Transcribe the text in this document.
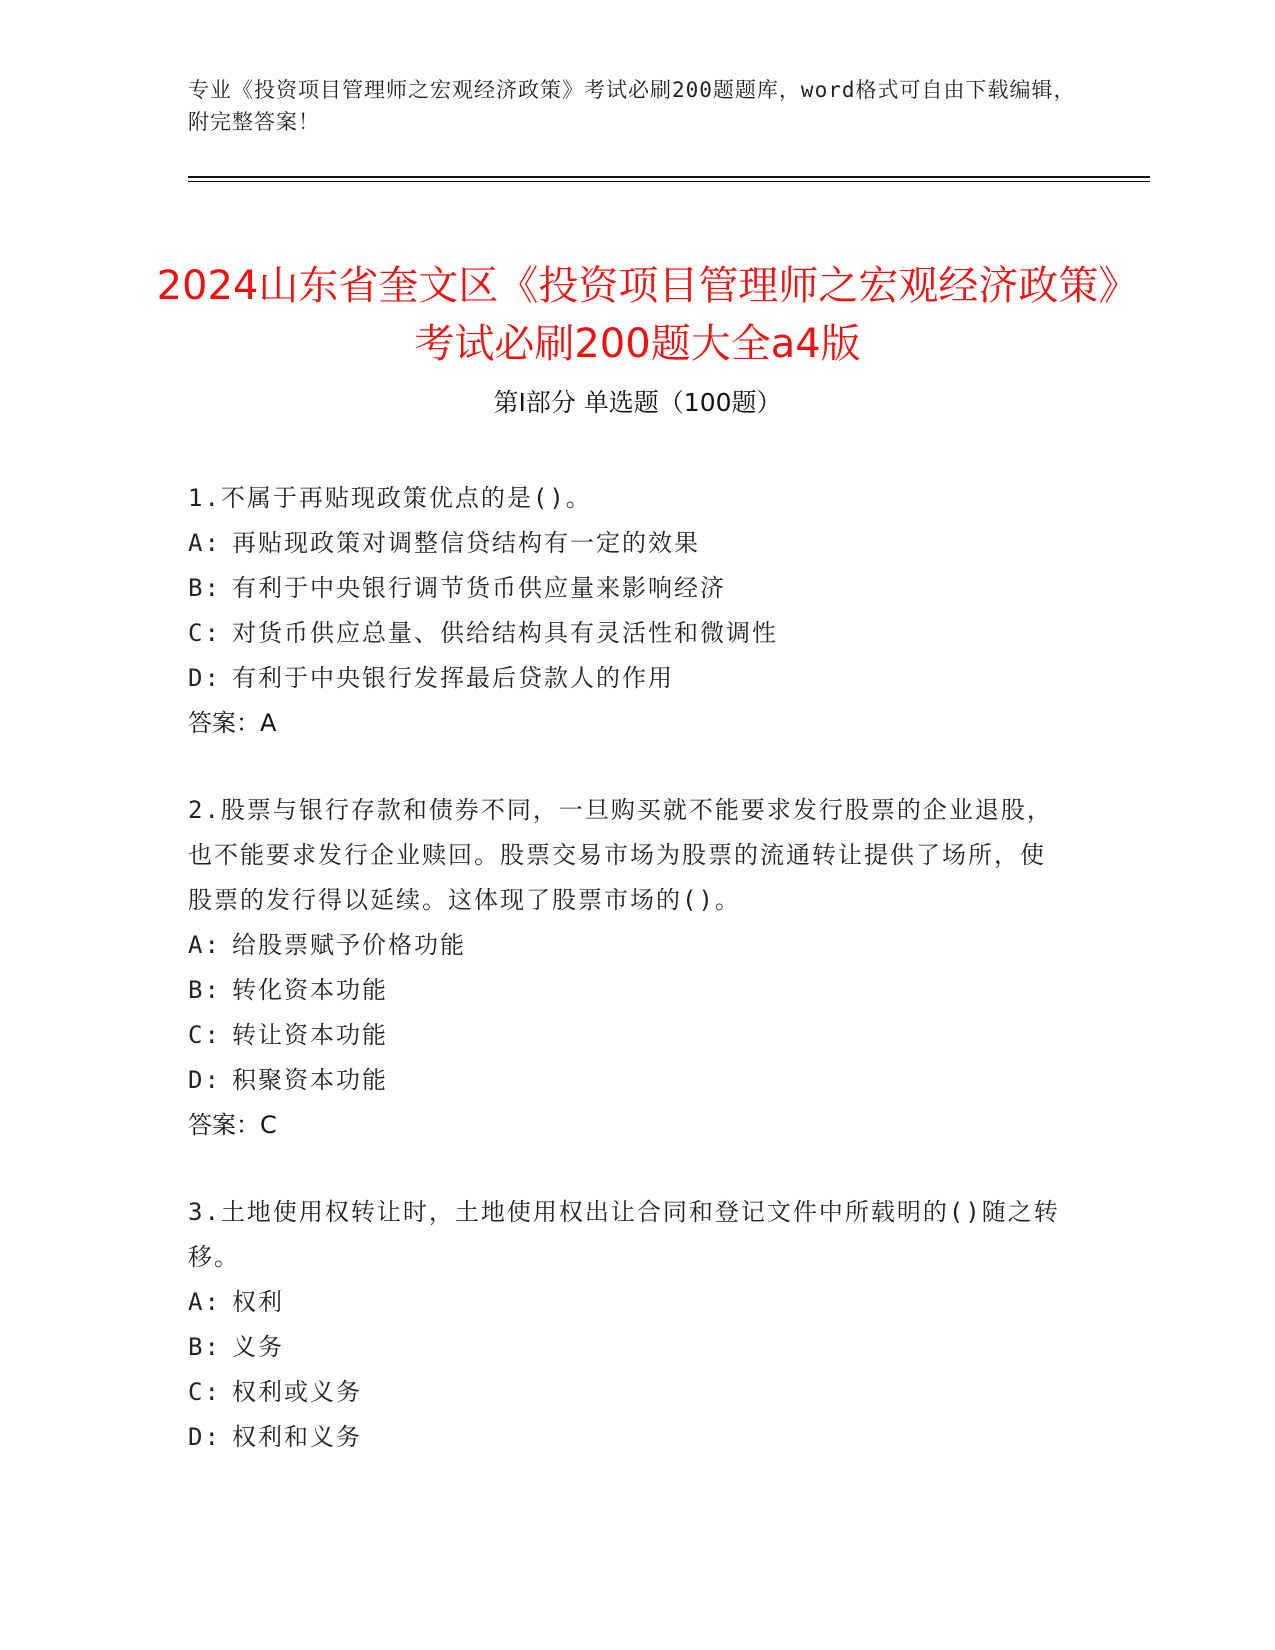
专业《投资项目管理师之宏观经济政策》考试必刷200题题库，word格式可自由下载编辑，附完整答案！
2024山东省奎文区《投资项目管理师之宏观经济政策》考试必刷200题大全a4版
第I部分 单选题（100题）
1.不属于再贴现政策优点的是()。
A: 再贴现政策对调整信贷结构有一定的效果
B: 有利于中央银行调节货币供应量来影响经济
C: 对货币供应总量、供给结构具有灵活性和微调性
D: 有利于中央银行发挥最后贷款人的作用
答案：A
2.股票与银行存款和债券不同，一旦购买就不能要求发行股票的企业退股，也不能要求发行企业赎回。股票交易市场为股票的流通转让提供了场所，使股票的发行得以延续。这体现了股票市场的()。
A: 给股票赋予价格功能
B: 转化资本功能
C: 转让资本功能
D: 积聚资本功能
答案：C
3.土地使用权转让时，土地使用权出让合同和登记文件中所载明的()随之转移。
A: 权利
B: 义务
C: 权利或义务
D: 权利和义务
